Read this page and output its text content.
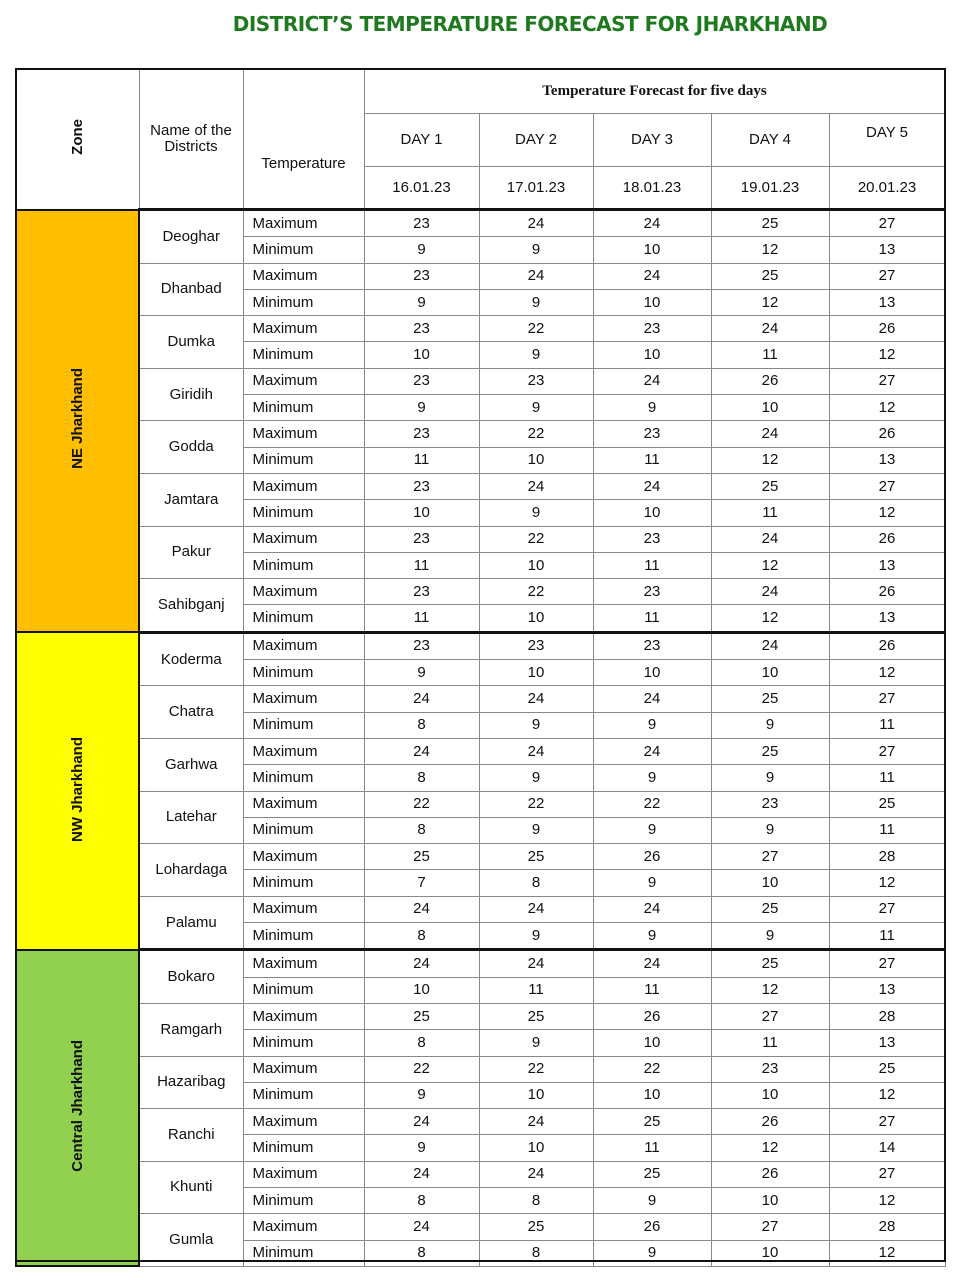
DISTRICT’S TEMPERATURE FORECAST FOR JHARKHAND
Zone	Name of the Districts	Temperature	Temperature Forecast for five days				
			DAY 1	DAY 2	DAY 3	DAY 4	DAY 5
			16.01.23	17.01.23	18.01.23	19.01.23	20.01.23
NE Jharkhand	Deoghar	Maximum	23	24	24	25	27
		Minimum	9	9	10	12	13
	Dhanbad	Maximum	23	24	24	25	27
		Minimum	9	9	10	12	13
	Dumka	Maximum	23	22	23	24	26
		Minimum	10	9	10	11	12
	Giridih	Maximum	23	23	24	26	27
		Minimum	9	9	9	10	12
	Godda	Maximum	23	22	23	24	26
		Minimum	11	10	11	12	13
	Jamtara	Maximum	23	24	24	25	27
		Minimum	10	9	10	11	12
	Pakur	Maximum	23	22	23	24	26
		Minimum	11	10	11	12	13
	Sahibganj	Maximum	23	22	23	24	26
		Minimum	11	10	11	12	13
NW Jharkhand	Koderma	Maximum	23	23	23	24	26
		Minimum	9	10	10	10	12
	Chatra	Maximum	24	24	24	25	27
		Minimum	8	9	9	9	11
	Garhwa	Maximum	24	24	24	25	27
		Minimum	8	9	9	9	11
	Latehar	Maximum	22	22	22	23	25
		Minimum	8	9	9	9	11
	Lohardaga	Maximum	25	25	26	27	28
		Minimum	7	8	9	10	12
	Palamu	Maximum	24	24	24	25	27
		Minimum	8	9	9	9	11
Central Jharkhand	Bokaro	Maximum	24	24	24	25	27
		Minimum	10	11	11	12	13
	Ramgarh	Maximum	25	25	26	27	28
		Minimum	8	9	10	11	13
	Hazaribag	Maximum	22	22	22	23	25
		Minimum	9	10	10	10	12
	Ranchi	Maximum	24	24	25	26	27
		Minimum	9	10	11	12	14
	Khunti	Maximum	24	24	25	26	27
		Minimum	8	8	9	10	12
	Gumla	Maximum	24	25	26	27	28
		Minimum	8	8	9	10	12
